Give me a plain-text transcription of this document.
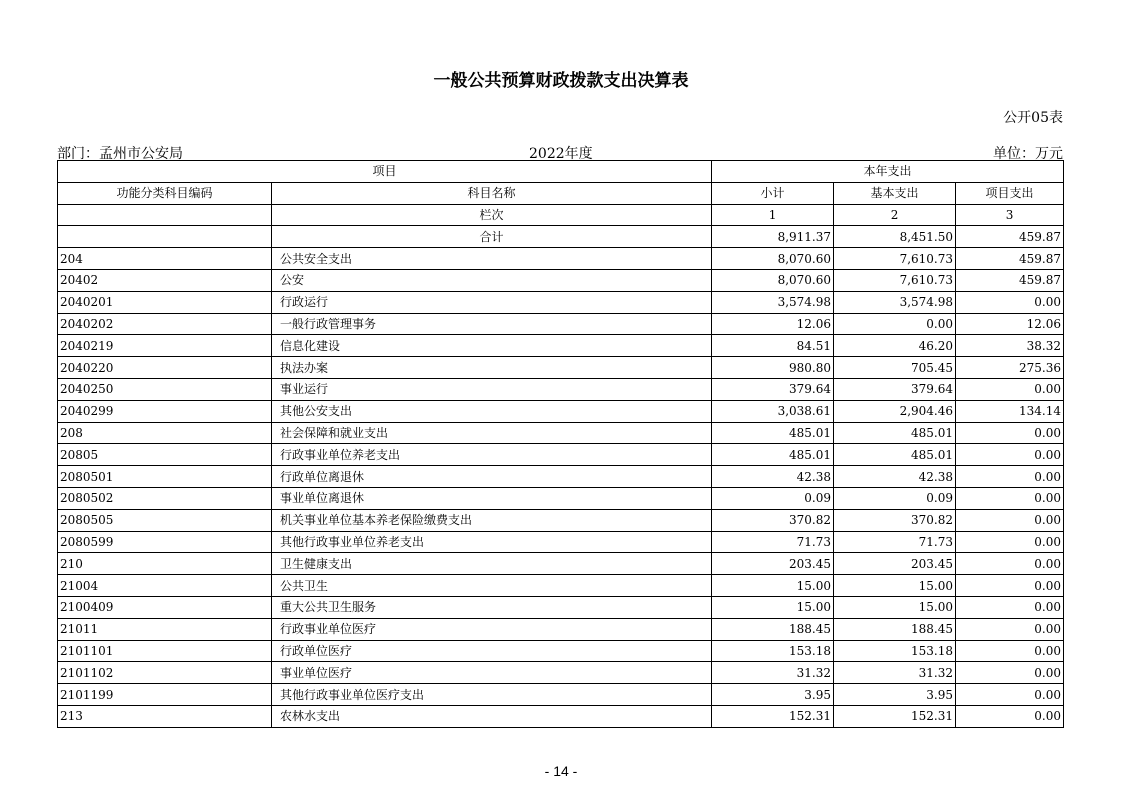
一般公共预算财政拨款支出决算表
公开05表
部门：孟州市公安局	2022年度	单位：万元
项目		本年支出		
功能分类科目编码	科目名称	小计	基本支出	项目支出
	栏次	1	2	3
	合计	8,911.37	8,451.50	459.87
204	公共安全支出	8,070.60	7,610.73	459.87
20402	公安	8,070.60	7,610.73	459.87
2040201	行政运行	3,574.98	3,574.98	0.00
2040202	一般行政管理事务	12.06	0.00	12.06
2040219	信息化建设	84.51	46.20	38.32
2040220	执法办案	980.80	705.45	275.36
2040250	事业运行	379.64	379.64	0.00
2040299	其他公安支出	3,038.61	2,904.46	134.14
208	社会保障和就业支出	485.01	485.01	0.00
20805	行政事业单位养老支出	485.01	485.01	0.00
2080501	行政单位离退休	42.38	42.38	0.00
2080502	事业单位离退休	0.09	0.09	0.00
2080505	机关事业单位基本养老保险缴费支出	370.82	370.82	0.00
2080599	其他行政事业单位养老支出	71.73	71.73	0.00
210	卫生健康支出	203.45	203.45	0.00
21004	公共卫生	15.00	15.00	0.00
2100409	重大公共卫生服务	15.00	15.00	0.00
21011	行政事业单位医疗	188.45	188.45	0.00
2101101	行政单位医疗	153.18	153.18	0.00
2101102	事业单位医疗	31.32	31.32	0.00
2101199	其他行政事业单位医疗支出	3.95	3.95	0.00
213	农林水支出	152.31	152.31	0.00
- 14 -
